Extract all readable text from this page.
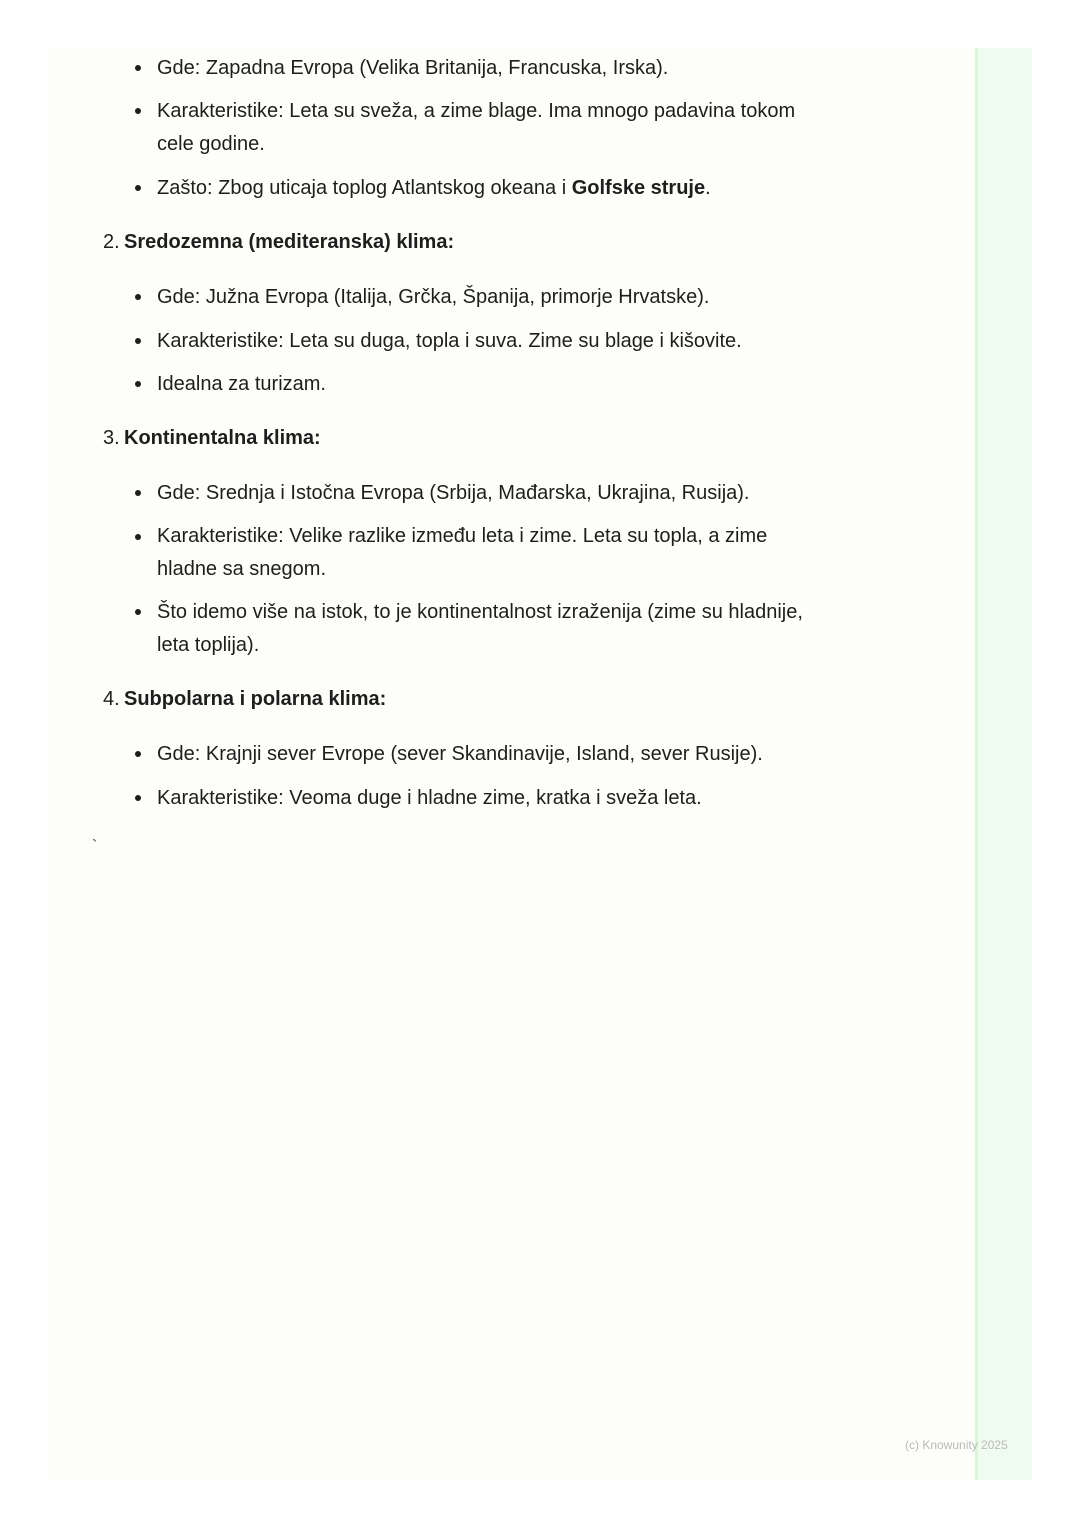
Gde: Zapadna Evropa (Velika Britanija, Francuska, Irska).
Karakteristike: Leta su sveža, a zime blage. Ima mnogo padavina tokom
cele godine.
Zašto: Zbog uticaja toplog Atlantskog okeana i Golfske struje.
2. Sredozemna (mediteranska) klima:
Gde: Južna Evropa (Italija, Grčka, Španija, primorje Hrvatske).
Karakteristike: Leta su duga, topla i suva. Zime su blage i kišovite.
Idealna za turizam.
3. Kontinentalna klima:
Gde: Srednja i Istočna Evropa (Srbija, Mađarska, Ukrajina, Rusija).
Karakteristike: Velike razlike između leta i zime. Leta su topla, a zime
hladne sa snegom.
Što idemo više na istok, to je kontinentalnost izraženija (zime su hladnije,
leta toplija).
4. Subpolarna i polarna klima:
Gde: Krajnji sever Evrope (sever Skandinavije, Island, sever Rusije).
Karakteristike: Veoma duge i hladne zime, kratka i sveža leta.
`
(c) Knowunity 2025
